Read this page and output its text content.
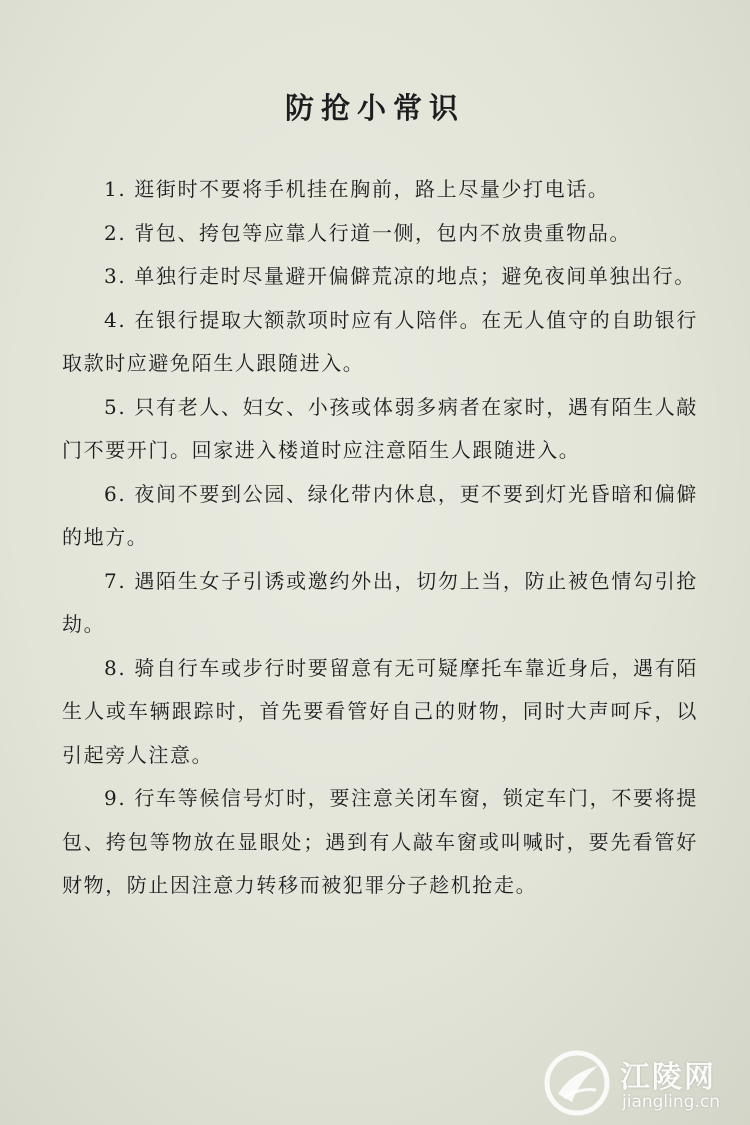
防抢小常识

1. 逛街时不要将手机挂在胸前，路上尽量少打电话。

2. 背包、挎包等应靠人行道一侧，包内不放贵重物品。

3. 单独行走时尽量避开偏僻荒凉的地点；避免夜间单独出行。

4. 在银行提取大额款项时应有人陪伴。在无人值守的自助银行取款时应避免陌生人跟随进入。

5. 只有老人、妇女、小孩或体弱多病者在家时，遇有陌生人敲门不要开门。回家进入楼道时应注意陌生人跟随进入。

6. 夜间不要到公园、绿化带内休息，更不要到灯光昏暗和偏僻的地方。

7. 遇陌生女子引诱或邀约外出，切勿上当，防止被色情勾引抢劫。

8. 骑自行车或步行时要留意有无可疑摩托车靠近身后，遇有陌生人或车辆跟踪时，首先要看管好自己的财物，同时大声呵斥，以引起旁人注意。

9. 行车等候信号灯时，要注意关闭车窗，锁定车门，不要将提包、挎包等物放在显眼处；遇到有人敲车窗或叫喊时，要先看管好财物，防止因注意力转移而被犯罪分子趁机抢走。

江陵网
jiangling.cn
